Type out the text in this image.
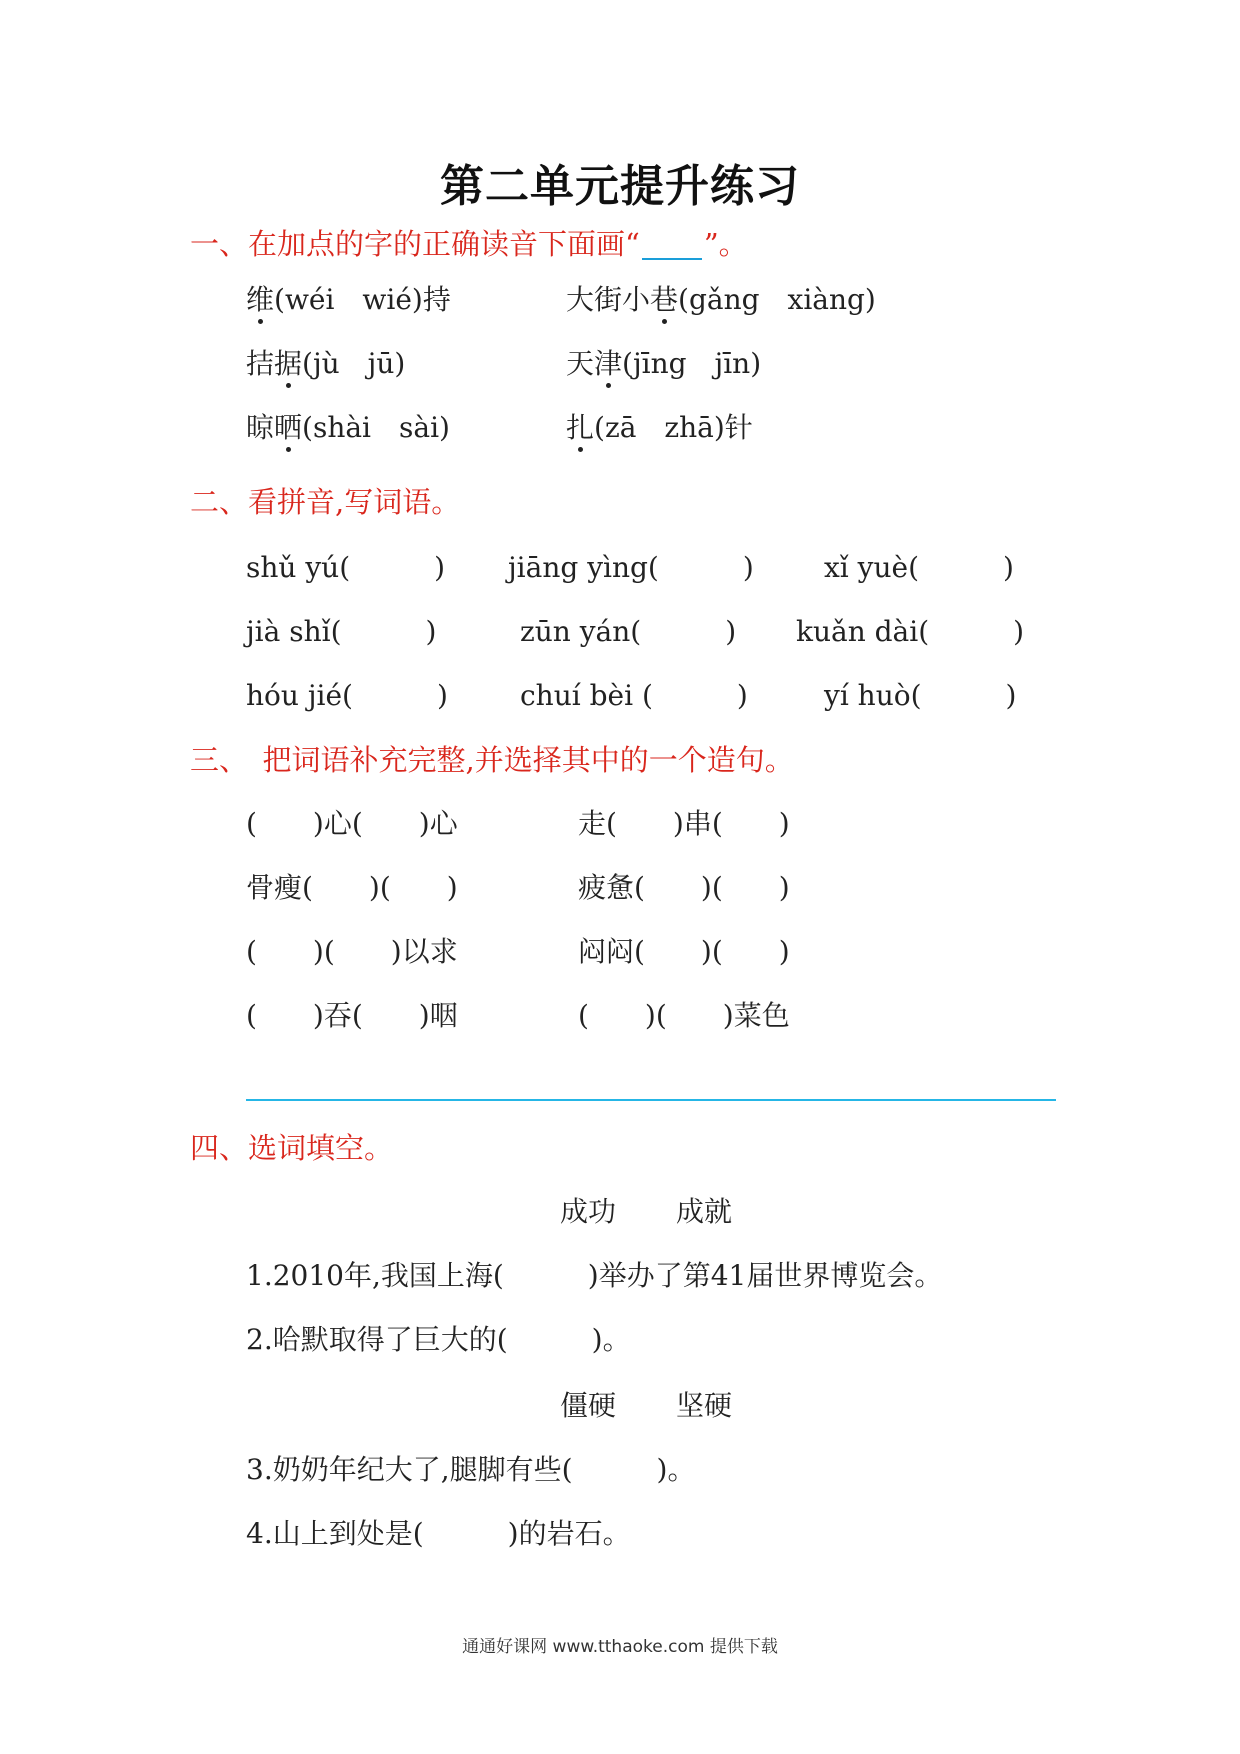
第二单元提升练习
一、在加点的字的正确读音下面画“ ”。
维(wéi　wié)持	大街小巷(gǎng　xiàng)
拮据(jù　jū)	天津(jīng　jīn)
晾晒(shài　sài)	扎(zā　zhā)针
二、看拼音,写词语。
shǔ yú(　　　) jiāng yìng(　　　)	xǐ yuè(　　　)
jià shǐ(　　　)	zūn yán(　　　) kuǎn dài(　　　)
hóu jié(　　　)	chuí bèi (　　　)	yí huò(　　　)
三、　把词语补充完整,并选择其中的一个造句。
(　　)心(　　)心	走(　　)串(　　)
骨瘦(　　)(　　)	疲惫(　　)(　　)
(　　)(　　)以求	闷闷(　　)(　　)
(　　)吞(　　)咽	(　　)(　　)菜色
四、选词填空。
成功 成就
1.2010年,我国上海(　　　)举办了第41届世界博览会。
2.哈默取得了巨大的(　　　)。
僵硬 坚硬
3.奶奶年纪大了,腿脚有些(　　　)。
4.山上到处是(　　　)的岩石。
通通好课网 www.tthaoke.com 提供下载
